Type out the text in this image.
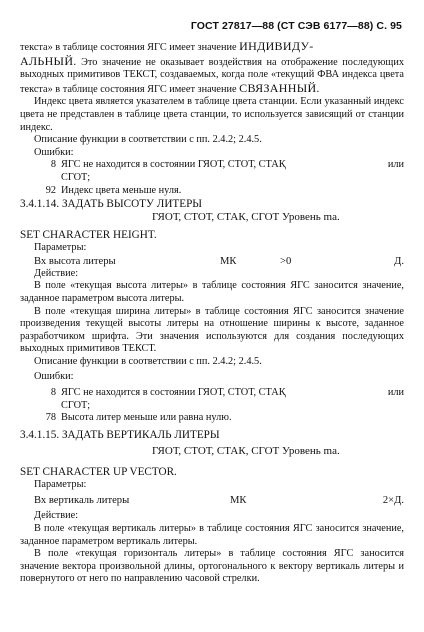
ГОСТ 27817—88 (СТ СЭВ 6177—88) С. 95

текста» в таблице состояния ЯГС имеет значение ИНДИВИДУ-
АЛЬНЫЙ. Это значение не оказывает воздействия на отображение последующих выходных примитивов ТЕКСТ, создаваемых, когда поле «текущий ФВА индекса цвета текста» в таблице состояния ЯГС имеет значение СВЯЗАННЫЙ.

Индекс цвета является указателем в таблице цвета станции. Если указанный индекс цвета не представлен в таблице цвета станции, то используется зависящий от станции индекс.

Описание функции в соответствии с пп. 2.4.2; 2.4.5.

Ошибки:

8 ЯГС не находится в состоянии ГЯОТ, СТОТ, СТАҚ	или
СГОТ;
92 Индекс цвета меньше нуля.

3.4.1.14. ЗАДАТЬ ВЫСОТУ ЛИТЕРЫ

ГЯОТ, СТОТ, СТАК, СГОТ Уровень mа.

SET CHARACTER HEIGHT.

Параметры:

Вх высота литеры	МК	>0	Д.

Действие:

В поле «текущая высота литеры» в таблице состояния ЯГС заносится значение, заданное параметром высота литеры.

В поле «текущая ширина литеры» в таблице состояния ЯГС заносится значение произведения текущей высоты литеры на отношение ширины к высоте, заданное разработчиком шрифта. Эти значения используются для создания последующих выходных примитивов ТЕКСТ.

Описание функции в соответствии с пп. 2.4.2; 2.4.5.

Ошибки:

8 ЯГС не находится в состоянии ГЯОТ, СТОТ, СТАҚ	или
СГОТ;
78 Высота литер меньше или равна нулю.

3.4.1.15. ЗАДАТЬ ВЕРТИКАЛЬ ЛИТЕРЫ

ГЯОТ, СТОТ, СТАК, СГОТ Уровень mа.

SET CHARACTER UP VECTOR.

Параметры:

Вх вертикаль литеры	МК	2×Д.

Действие:

В поле «текущая вертикаль литеры» в таблице состояния ЯГС заносится значение, заданное параметром вертикаль литеры.

В поле «текущая горизонталь литеры» в таблице состояния ЯГС заносится значение вектора произвольной длины, ортогонального к вектору вертикаль литеры и повернутого от него по направлению часовой стрелки.
